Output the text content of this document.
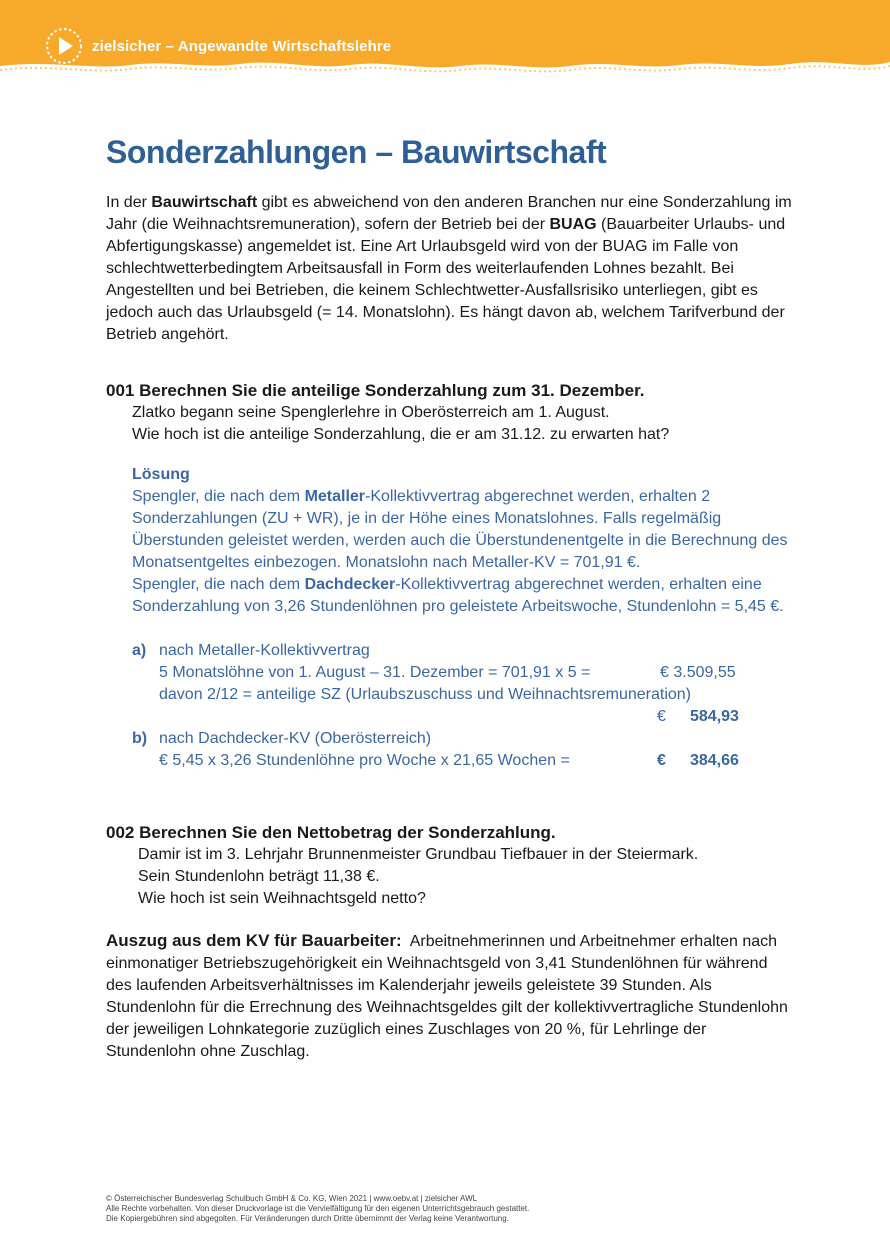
zielsicher – Angewandte Wirtschaftslehre
Sonderzahlungen – Bauwirtschaft

In der Bauwirtschaft gibt es abweichend von den anderen Branchen nur eine Sonderzahlung im Jahr (die Weihnachtsremuneration), sofern der Betrieb bei der BUAG (Bauarbeiter Urlaubs- und Abfertigungskasse) angemeldet ist. Eine Art Urlaubsgeld wird von der BUAG im Falle von schlechtwetterbedingtem Arbeitsausfall in Form des weiterlaufenden Lohnes bezahlt. Bei Angestellten und bei Betrieben, die keinem Schlechtwetter-Ausfallsrisiko unterliegen, gibt es jedoch auch das Urlaubsgeld (= 14. Monatslohn). Es hängt davon ab, welchem Tarifverbund der Betrieb angehört.

001 Berechnen Sie die anteilige Sonderzahlung zum 31. Dezember.
Zlatko begann seine Spenglerlehre in Oberösterreich am 1. August.
Wie hoch ist die anteilige Sonderzahlung, die er am 31.12. zu erwarten hat?
Lösung
Spengler, die nach dem Metaller-Kollektivvertrag abgerechnet werden, erhalten 2 Sonderzahlungen (ZU + WR), je in der Höhe eines Monatslohnes. Falls regelmäßig Überstunden geleistet werden, werden auch die Überstundenentgelte in die Berechnung des Monatsentgeltes einbezogen. Monatslohn nach Metaller-KV = 701,91 €.
Spengler, die nach dem Dachdecker-Kollektivvertrag abgerechnet werden, erhalten eine Sonderzahlung von 3,26 Stundenlöhnen pro geleistete Arbeitswoche, Stundenlohn = 5,45 €.
a) nach Metaller-Kollektivvertrag
5 Monatslöhne von 1. August – 31. Dezember = 701,91 x 5 =	€ 3.509,55
davon 2/12 = anteilige SZ (Urlaubszuschuss und Weihnachtsremuneration)
€ 584,93
b) nach Dachdecker-KV (Oberösterreich)
€ 5,45 x 3,26 Stundenlöhne pro Woche x 21,65 Wochen =	€ 384,66
002 Berechnen Sie den Nettobetrag der Sonderzahlung.
Damir ist im 3. Lehrjahr Brunnenmeister Grundbau Tiefbauer in der Steiermark.
Sein Stundenlohn beträgt 11,38 €.
Wie hoch ist sein Weihnachtsgeld netto?
Auszug aus dem KV für Bauarbeiter: Arbeitnehmerinnen und Arbeitnehmer erhalten nach einmonatiger Betriebszugehörigkeit ein Weihnachtsgeld von 3,41 Stundenlöhnen für während des laufenden Arbeitsverhältnisses im Kalenderjahr jeweils geleistete 39 Stunden. Als Stundenlohn für die Errechnung des Weihnachtsgeldes gilt der kollektivvertragliche Stundenlohn der jeweiligen Lohnkategorie zuzüglich eines Zuschlages von 20 %, für Lehrlinge der Stundenlohn ohne Zuschlag.
© Österreichischer Bundesverlag Schulbuch GmbH & Co. KG, Wien 2021 | www.oebv.at | zielsicher AWL
Alle Rechte vorbehalten. Von dieser Druckvorlage ist die Vervielfältigung für den eigenen Unterrichtsgebrauch gestattet.
Die Kopiergebühren sind abgegolten. Für Veränderungen durch Dritte übernimmt der Verlag keine Verantwortung.
